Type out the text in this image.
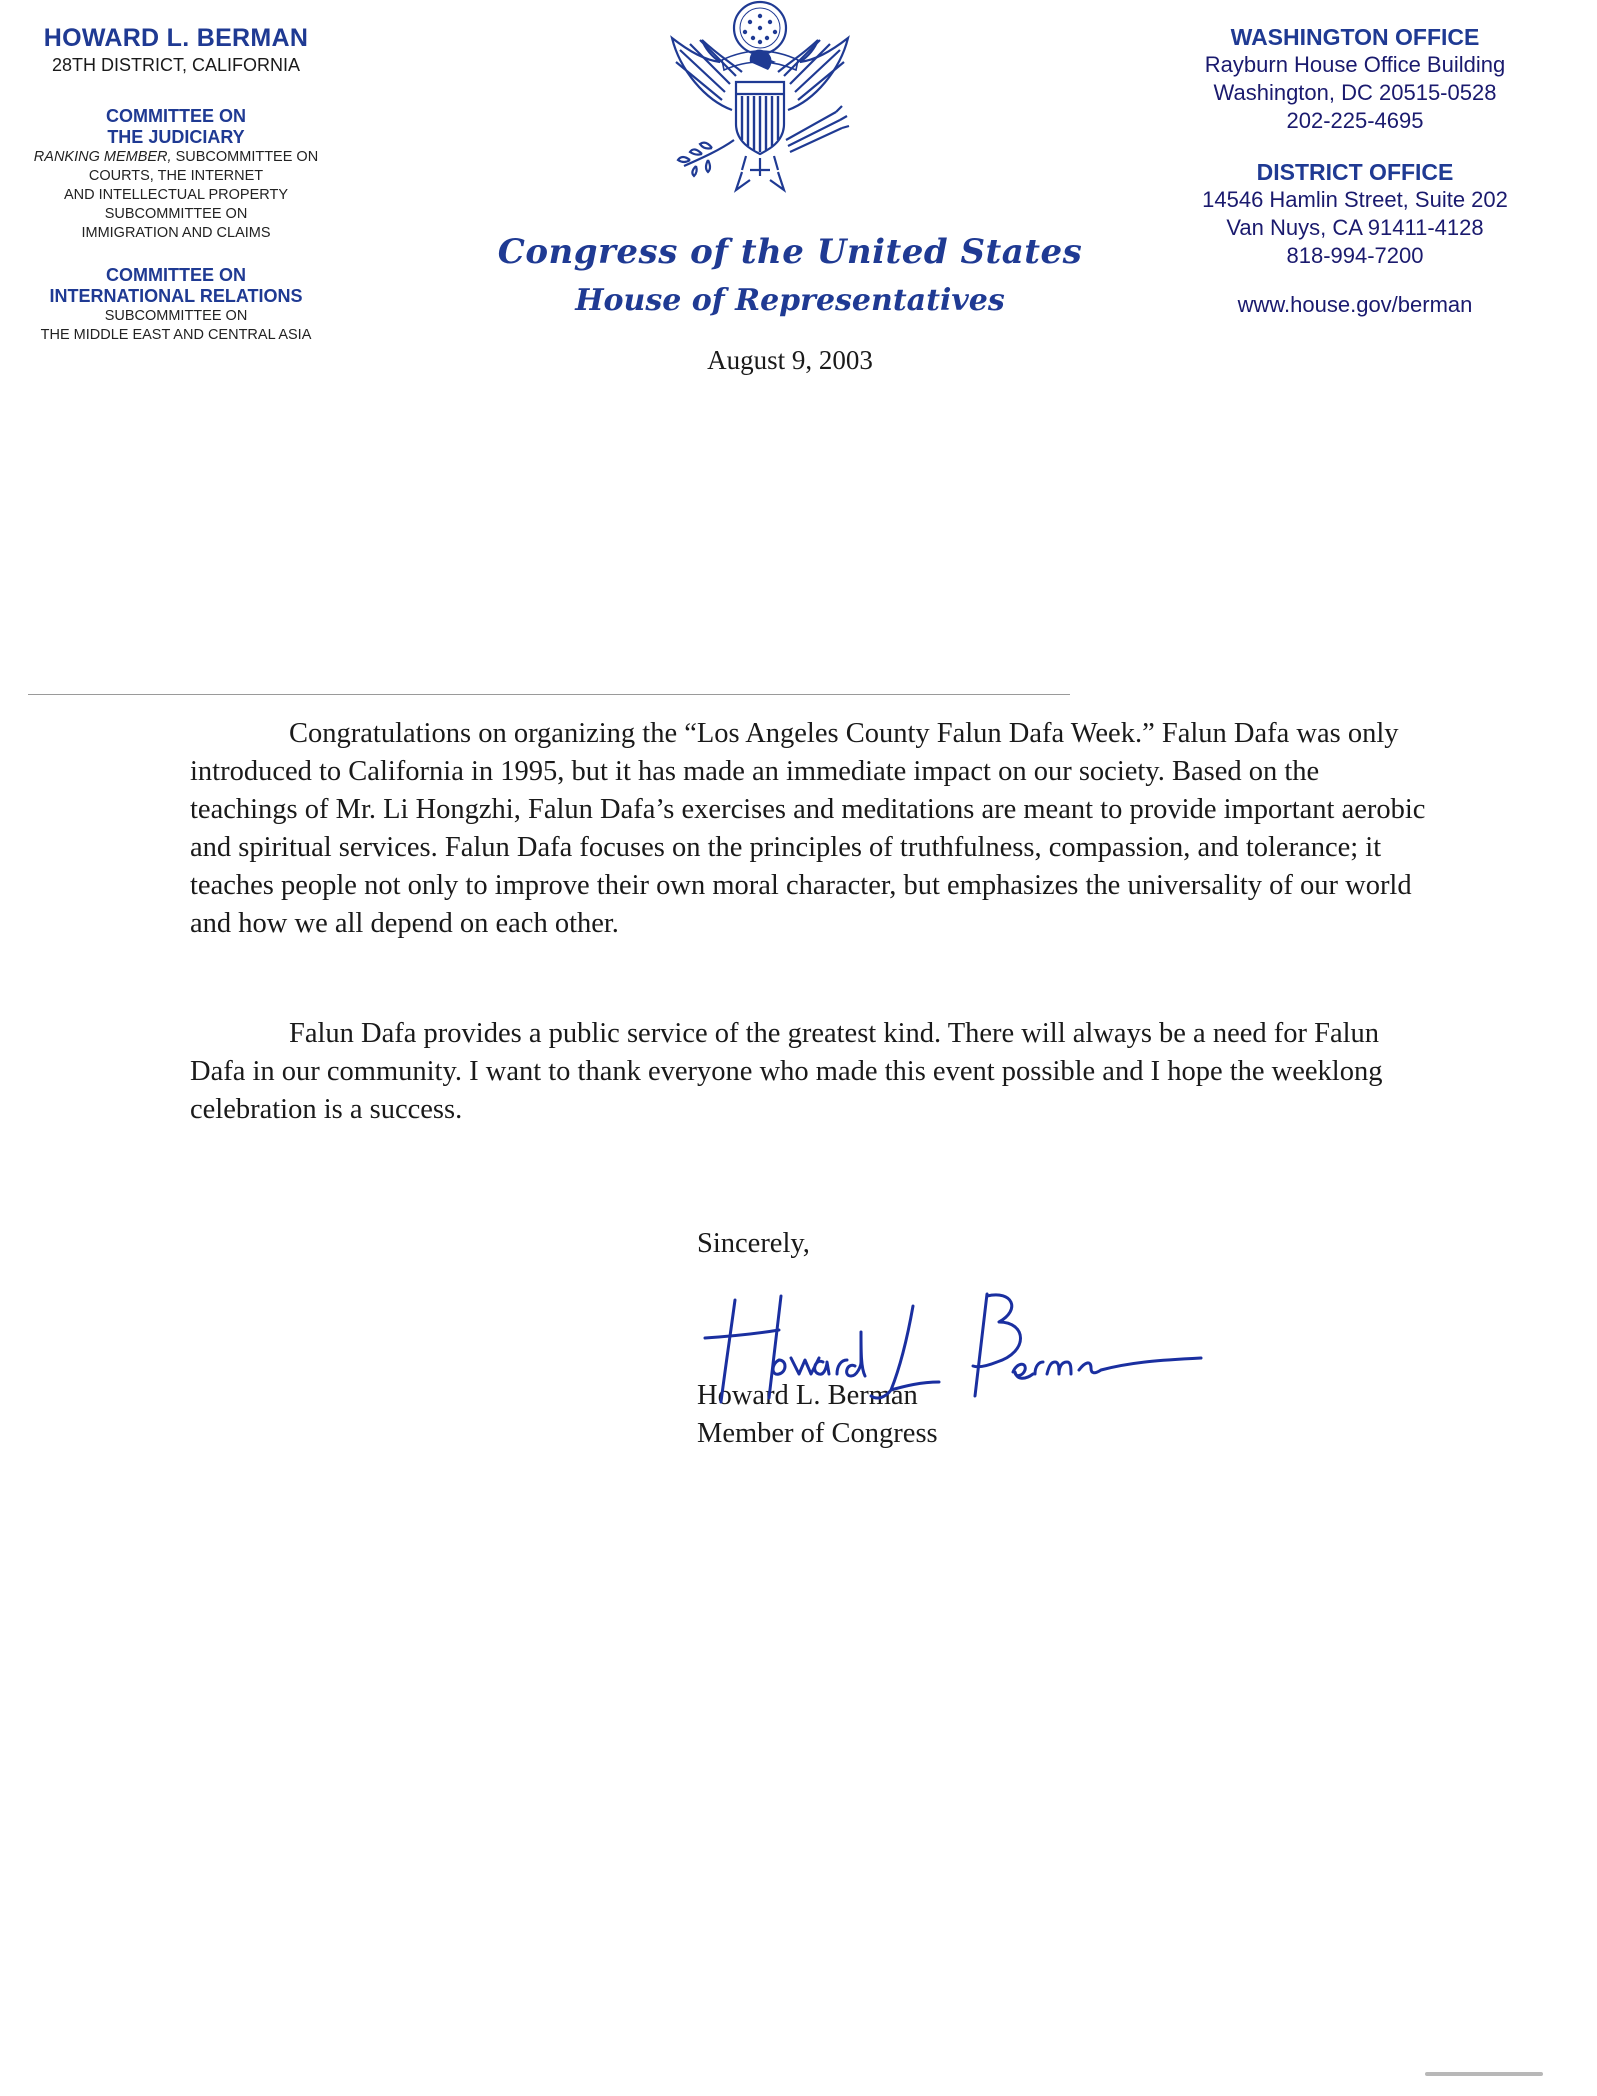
HOWARD L. BERMAN
28TH DISTRICT, CALIFORNIA
COMMITTEE ON
THE JUDICIARY
RANKING MEMBER, SUBCOMMITTEE ON
COURTS, THE INTERNET
AND INTELLECTUAL PROPERTY
SUBCOMMITTEE ON
IMMIGRATION AND CLAIMS
COMMITTEE ON
INTERNATIONAL RELATIONS
SUBCOMMITTEE ON
THE MIDDLE EAST AND CENTRAL ASIA
Congress of the United States
House of Representatives
August 9, 2003
WASHINGTON OFFICE
Rayburn House Office Building
Washington, DC 20515-0528
202-225-4695
DISTRICT OFFICE
14546 Hamlin Street, Suite 202
Van Nuys, CA 91411-4128
818-994-7200
www.house.gov/berman

Congratulations on organizing the “Los Angeles County Falun Dafa Week.” Falun Dafa was only introduced to California in 1995, but it has made an immediate impact on our society. Based on the teachings of Mr. Li Hongzhi, Falun Dafa’s exercises and meditations are meant to provide important aerobic and spiritual services. Falun Dafa focuses on the principles of truthfulness, compassion, and tolerance; it teaches people not only to improve their own moral character, but emphasizes the universality of our world and how we all depend on each other.

Falun Dafa provides a public service of the greatest kind. There will always be a need for Falun Dafa in our community. I want to thank everyone who made this event possible and I hope the weeklong celebration is a success.

Sincerely,
Howard L. Berman
Member of Congress
